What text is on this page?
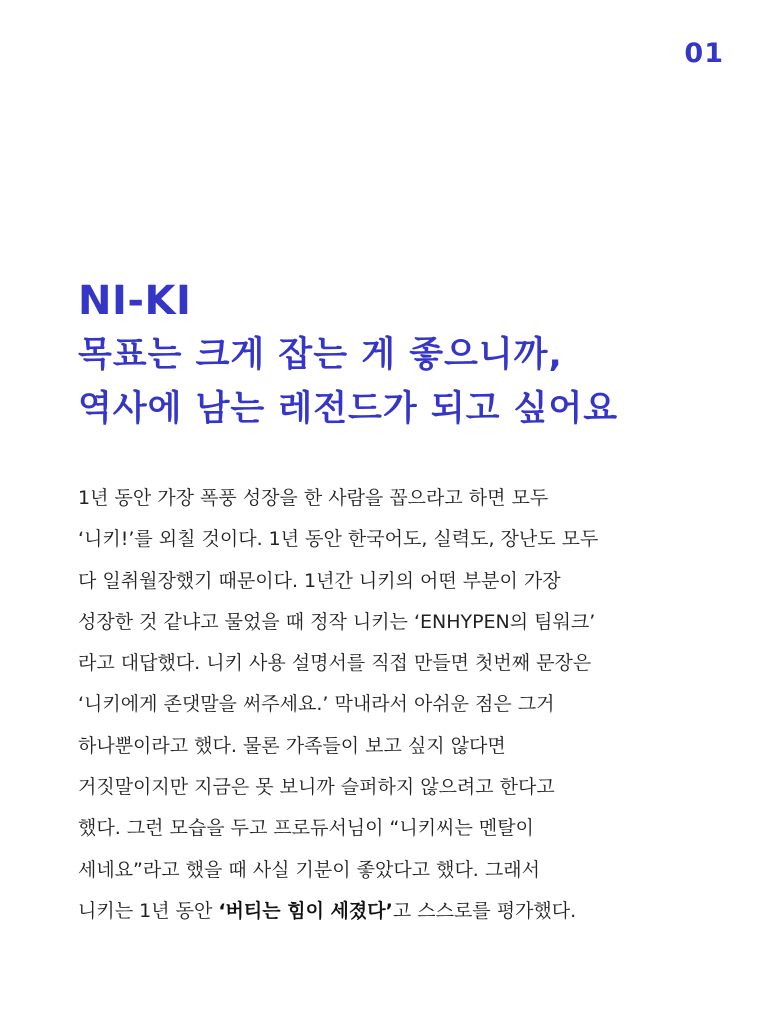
01
NI-KI
목표는 크게 잡는 게 좋으니까,
역사에 남는 레전드가 되고 싶어요
1년 동안 가장 폭풍 성장을 한 사람을 꼽으라고 하면 모두
‘니키!’를 외칠 것이다. 1년 동안 한국어도, 실력도, 장난도 모두
다 일취월장했기 때문이다. 1년간 니키의 어떤 부분이 가장
성장한 것 같냐고 물었을 때 정작 니키는 ‘ENHYPEN의 팀워크’
라고 대답했다. 니키 사용 설명서를 직접 만들면 첫번째 문장은
‘니키에게 존댓말을 써주세요.’ 막내라서 아쉬운 점은 그거
하나뿐이라고 했다. 물론 가족들이 보고 싶지 않다면
거짓말이지만 지금은 못 보니까 슬퍼하지 않으려고 한다고
했다. 그런 모습을 두고 프로듀서님이 “니키씨는 멘탈이
세네요”라고 했을 때 사실 기분이 좋았다고 했다. 그래서
니키는 1년 동안 ‘버티는 힘이 세졌다’고 스스로를 평가했다.
